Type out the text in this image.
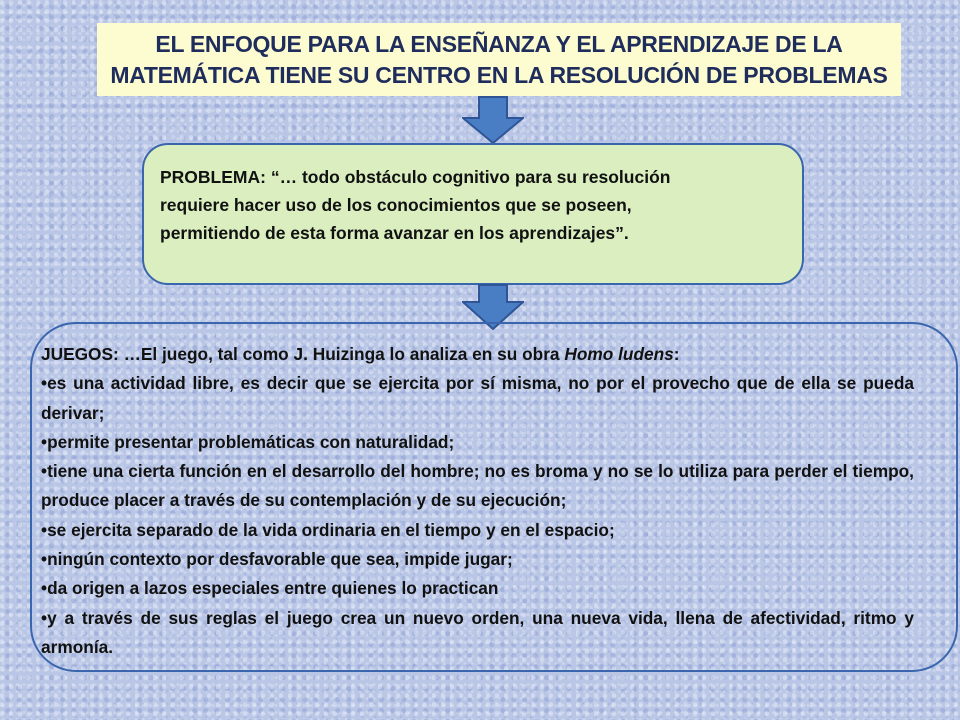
EL ENFOQUE PARA LA ENSEÑANZA Y EL APRENDIZAJE DE LA
MATEMÁTICA TIENE SU CENTRO EN LA RESOLUCIÓN DE PROBLEMAS
PROBLEMA: “… todo obstáculo cognitivo para su resolución
requiere hacer uso de los conocimientos que se poseen,
permitiendo de esta forma avanzar en los aprendizajes”.
JUEGOS: …El juego, tal como J. Huizinga lo analiza en su obra Homo ludens:
• es una actividad libre, es decir que se ejercita por sí misma, no por el provecho que de ella se pueda derivar;
• permite presentar problemáticas con naturalidad;
• tiene una cierta función en el desarrollo del hombre; no es broma y no se lo utiliza para perder el tiempo, produce placer a través de su contemplación y de su ejecución;
• se ejercita separado de la vida ordinaria en el tiempo y en el espacio;
• ningún contexto por desfavorable que sea, impide jugar;
• da origen a lazos especiales entre quienes lo practican
• y a través de sus reglas el juego crea un nuevo orden, una nueva vida, llena de afectividad, ritmo y armonía.
